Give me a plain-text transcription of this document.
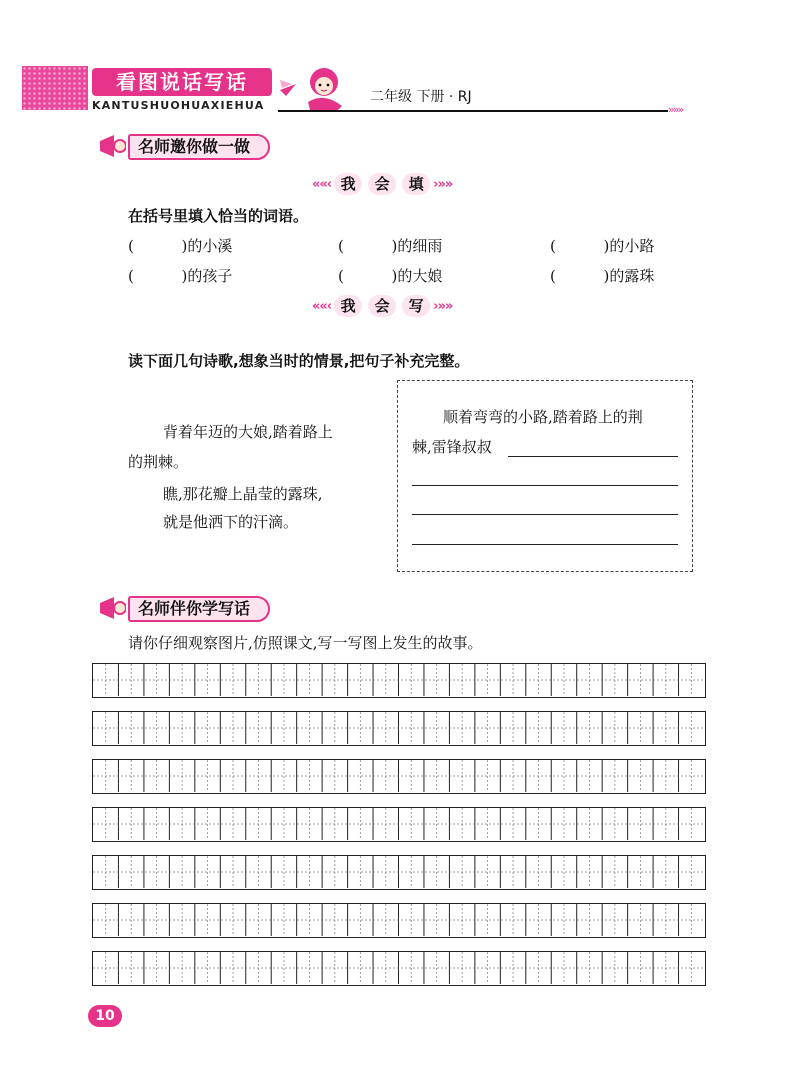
看图说话写话
KANTUSHUOHUAXIEHUA
二年级 下册 · RJ
»»»
名师邀你做一做
««‹ 我	会	填 ›»»
在括号里填入恰当的词语。
(          )的小溪	(          )的细雨	(          )的小路
(          )的孩子	(          )的大娘	(          )的露珠
««‹ 我	会	写 ›»»
读下面几句诗歌,想象当时的情景,把句子补充完整。
背着年迈的大娘,踏着路上
的荆棘。
瞧,那花瓣上晶莹的露珠,
就是他洒下的汗滴。
顺着弯弯的小路,踏着路上的荆
棘,雷锋叔叔
名师伴你学写话
请你仔细观察图片,仿照课文,写一写图上发生的故事。
10
